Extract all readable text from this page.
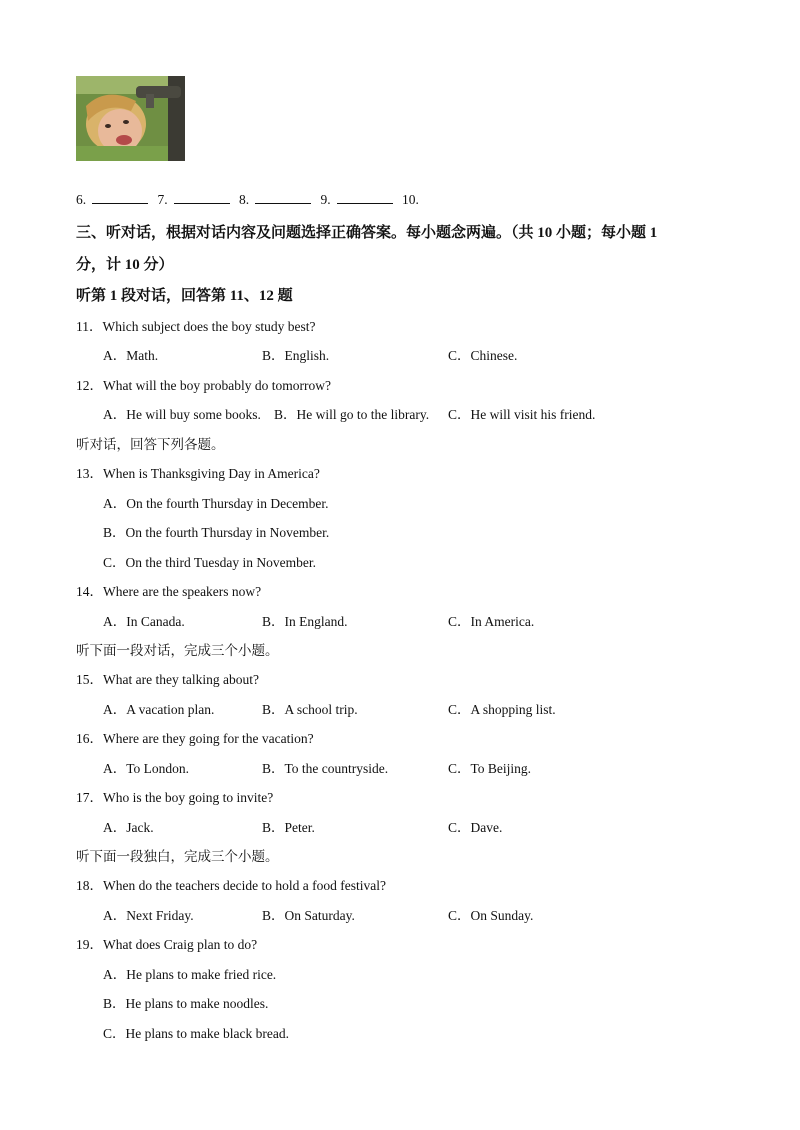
6.	7.	8.	9.	10.
三、听对话，根据对话内容及问题选择正确答案。每小题念两遍。（共 10 小题；每小题 1
分，计 10 分）
听第 1 段对话，回答第 11、12 题
11．Which subject does the boy study best?
A．Math.	B．English.	C．Chinese.
12．What will the boy probably do tomorrow?
A．He will buy some books. B．He will go to the library. C．He will visit his friend.
听对话，回答下列各题。
13．When is Thanksgiving Day in America?
A．On the fourth Thursday in December.
B．On the fourth Thursday in November.
C．On the third Tuesday in November.
14．Where are the speakers now?
A．In Canada.	B．In England.	C．In America.
听下面一段对话，完成三个小题。
15．What are they talking about?
A．A vacation plan.	B．A school trip.	C．A shopping list.
16．Where are they going for the vacation?
A．To London.	B．To the countryside.	C．To Beijing.
17．Who is the boy going to invite?
A．Jack.	B．Peter.	C．Dave.
听下面一段独白，完成三个小题。
18．When do the teachers decide to hold a food festival?
A．Next Friday.	B．On Saturday.	C．On Sunday.
19．What does Craig plan to do?
A．He plans to make fried rice.
B．He plans to make noodles.
C．He plans to make black bread.
